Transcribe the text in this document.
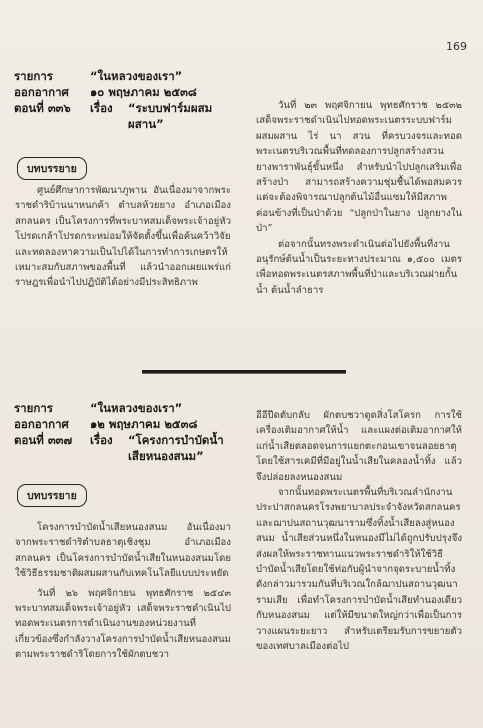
169
รายการ	“ในหลวงของเรา”
ออกอากาศ	๑๐ พฤษภาคม ๒๕๓๘
ตอนที่ ๓๓๖	เรื่อง “ระบบฟาร์มผสม
ผสาน”
บทบรรยาย

ศูนย์ศึกษาการพัฒนาภูพาน อันเนื่องมาจากพระราชดำริบ้านนาหนกค้า ตำบลห้วยยาง อำเภอเมืองสกลนคร เป็นโครงการที่พระบาทสมเด็จพระเจ้าอยู่หัว โปรดเกล้าโปรดกระหม่อมให้จัดตั้งขึ้นเพื่อค้นคว้าวิจัยและทดลองหาความเป็นไปได้ในการทำการเกษตรให้เหมาะสมกับสภาพของพื้นที่ แล้วนำออกเผยแพร่แก่ราษฎรเพื่อนำไปปฏิบัติได้อย่างมีประสิทธิภาพ

วันที่ ๒๓ พฤศจิกายน พุทธศักราช ๒๕๓๒ เสด็จพระราชดำเนินไปทอดพระเนตรระบบฟาร์มผสมผสาน ไร่ นา สวน ที่ครบวงจรและทอดพระเนตรบริเวณพื้นที่ทดลองการปลูกสร้างสวนยางพาราพันธุ์ขั้นหนึ่ง สำหรับนำไปปลูกเสริมเพื่อสร้างป่า สามารถสร้างความชุ่มชื้นได้พอสมควร แต่จะต้องพิจารณาปลูกต้นไม้อื่นแซมให้มีสภาพค่อนข้างที่เป็นป่าด้วย “ปลูกป่าในยาง ปลูกยางในป่า”

ต่อจากนั้นทรงพระดำเนินต่อไปยังพื้นที่งานอนุรักษ์ต้นน้ำเป็นระยะทางประมาณ ๑,๕๐๐ เมตร เพื่อทอดพระเนตรสภาพพื้นที่ป่าและบริเวณฝายกั้นน้ำ ต้นน้ำลำธาร

รายการ	“ในหลวงของเรา”
ออกอากาศ	๑๒ พฤษภาคม ๒๕๓๘
ตอนที่ ๓๓๗	เรื่อง “โครงการบำบัดน้ำ
เสียหนองสนม”
บทบรรยาย

โครงการบำบัดน้ำเสียหนองสนม อันเนื่องมาจากพระราชดำริตำบลธาตุเชิงชุม อำเภอเมืองสกลนคร เป็นโครงการบำบัดน้ำเสียในหนองสนมโดยใช้วิธีธรรมชาติผสมผสานกับเทคโนโลยีแบบประหยัด

วันที่ ๒๖ พฤศจิกายน พุทธศักราช ๒๕๔๓ พระบาทสมเด็จพระเจ้าอยู่หัว เสด็จพระราชดำเนินไปทอดพระเนตรการดำเนินงานของหน่วยงานที่เกี่ยวข้องซึ่งกำลังวางโครงการบำบัดน้ำเสียหนองสนมตามพระราชดำริโดยการใช้ผักตบชวา

อีอีปีดตับกลับ ผักตบชวาดูดสิ่งโสโครก การใช้เครื่องเติมอากาศให้น้ำ และแผงต่อเติมอากาศให้แก่น้ำเสียตลอดจนการแยกตะกอนเขาจนลอยธาตุโดยใช้สารเคมีที่มีอยู่ในน้ำเสียในคลองน้ำทิ้ง แล้วจึงปล่อยลงหนองสนม

จากนั้นทอดพระเนตรพื้นที่บริเวณลำนักงานประปาสกลนครโรงพยาบาลประจำจังหวัดสกลนครและฌาปนสถานวุฒนารามซึ่งทิ้งน้ำเสียลงสู่หนองสนม น้ำเสียส่วนหนึ่งในหนองมีไม่ได้ถูกปรับปรุงจึงส่งผลให้พระราชทานแนวพระราชดำริให้ใช้วิธีบำบัดน้ำเสียโดยใช้ท่อกับผู้นำจากจุดระบายน้ำทิ้งดังกล่าวมารวมกันที่บริเวณใกล้ฌาปนสถานวุฒนารามเสีย เพื่อทำโครงการบำบัดน้ำเสียทำนองเดียวกับหนองสนม แต่ให้มีขนาดใหญ่กว่าเพื่อเป็นการวางแผนระยะยาว สำหรับเตรียมรับการขยายตัวของเทศบาลเมืองต่อไป
